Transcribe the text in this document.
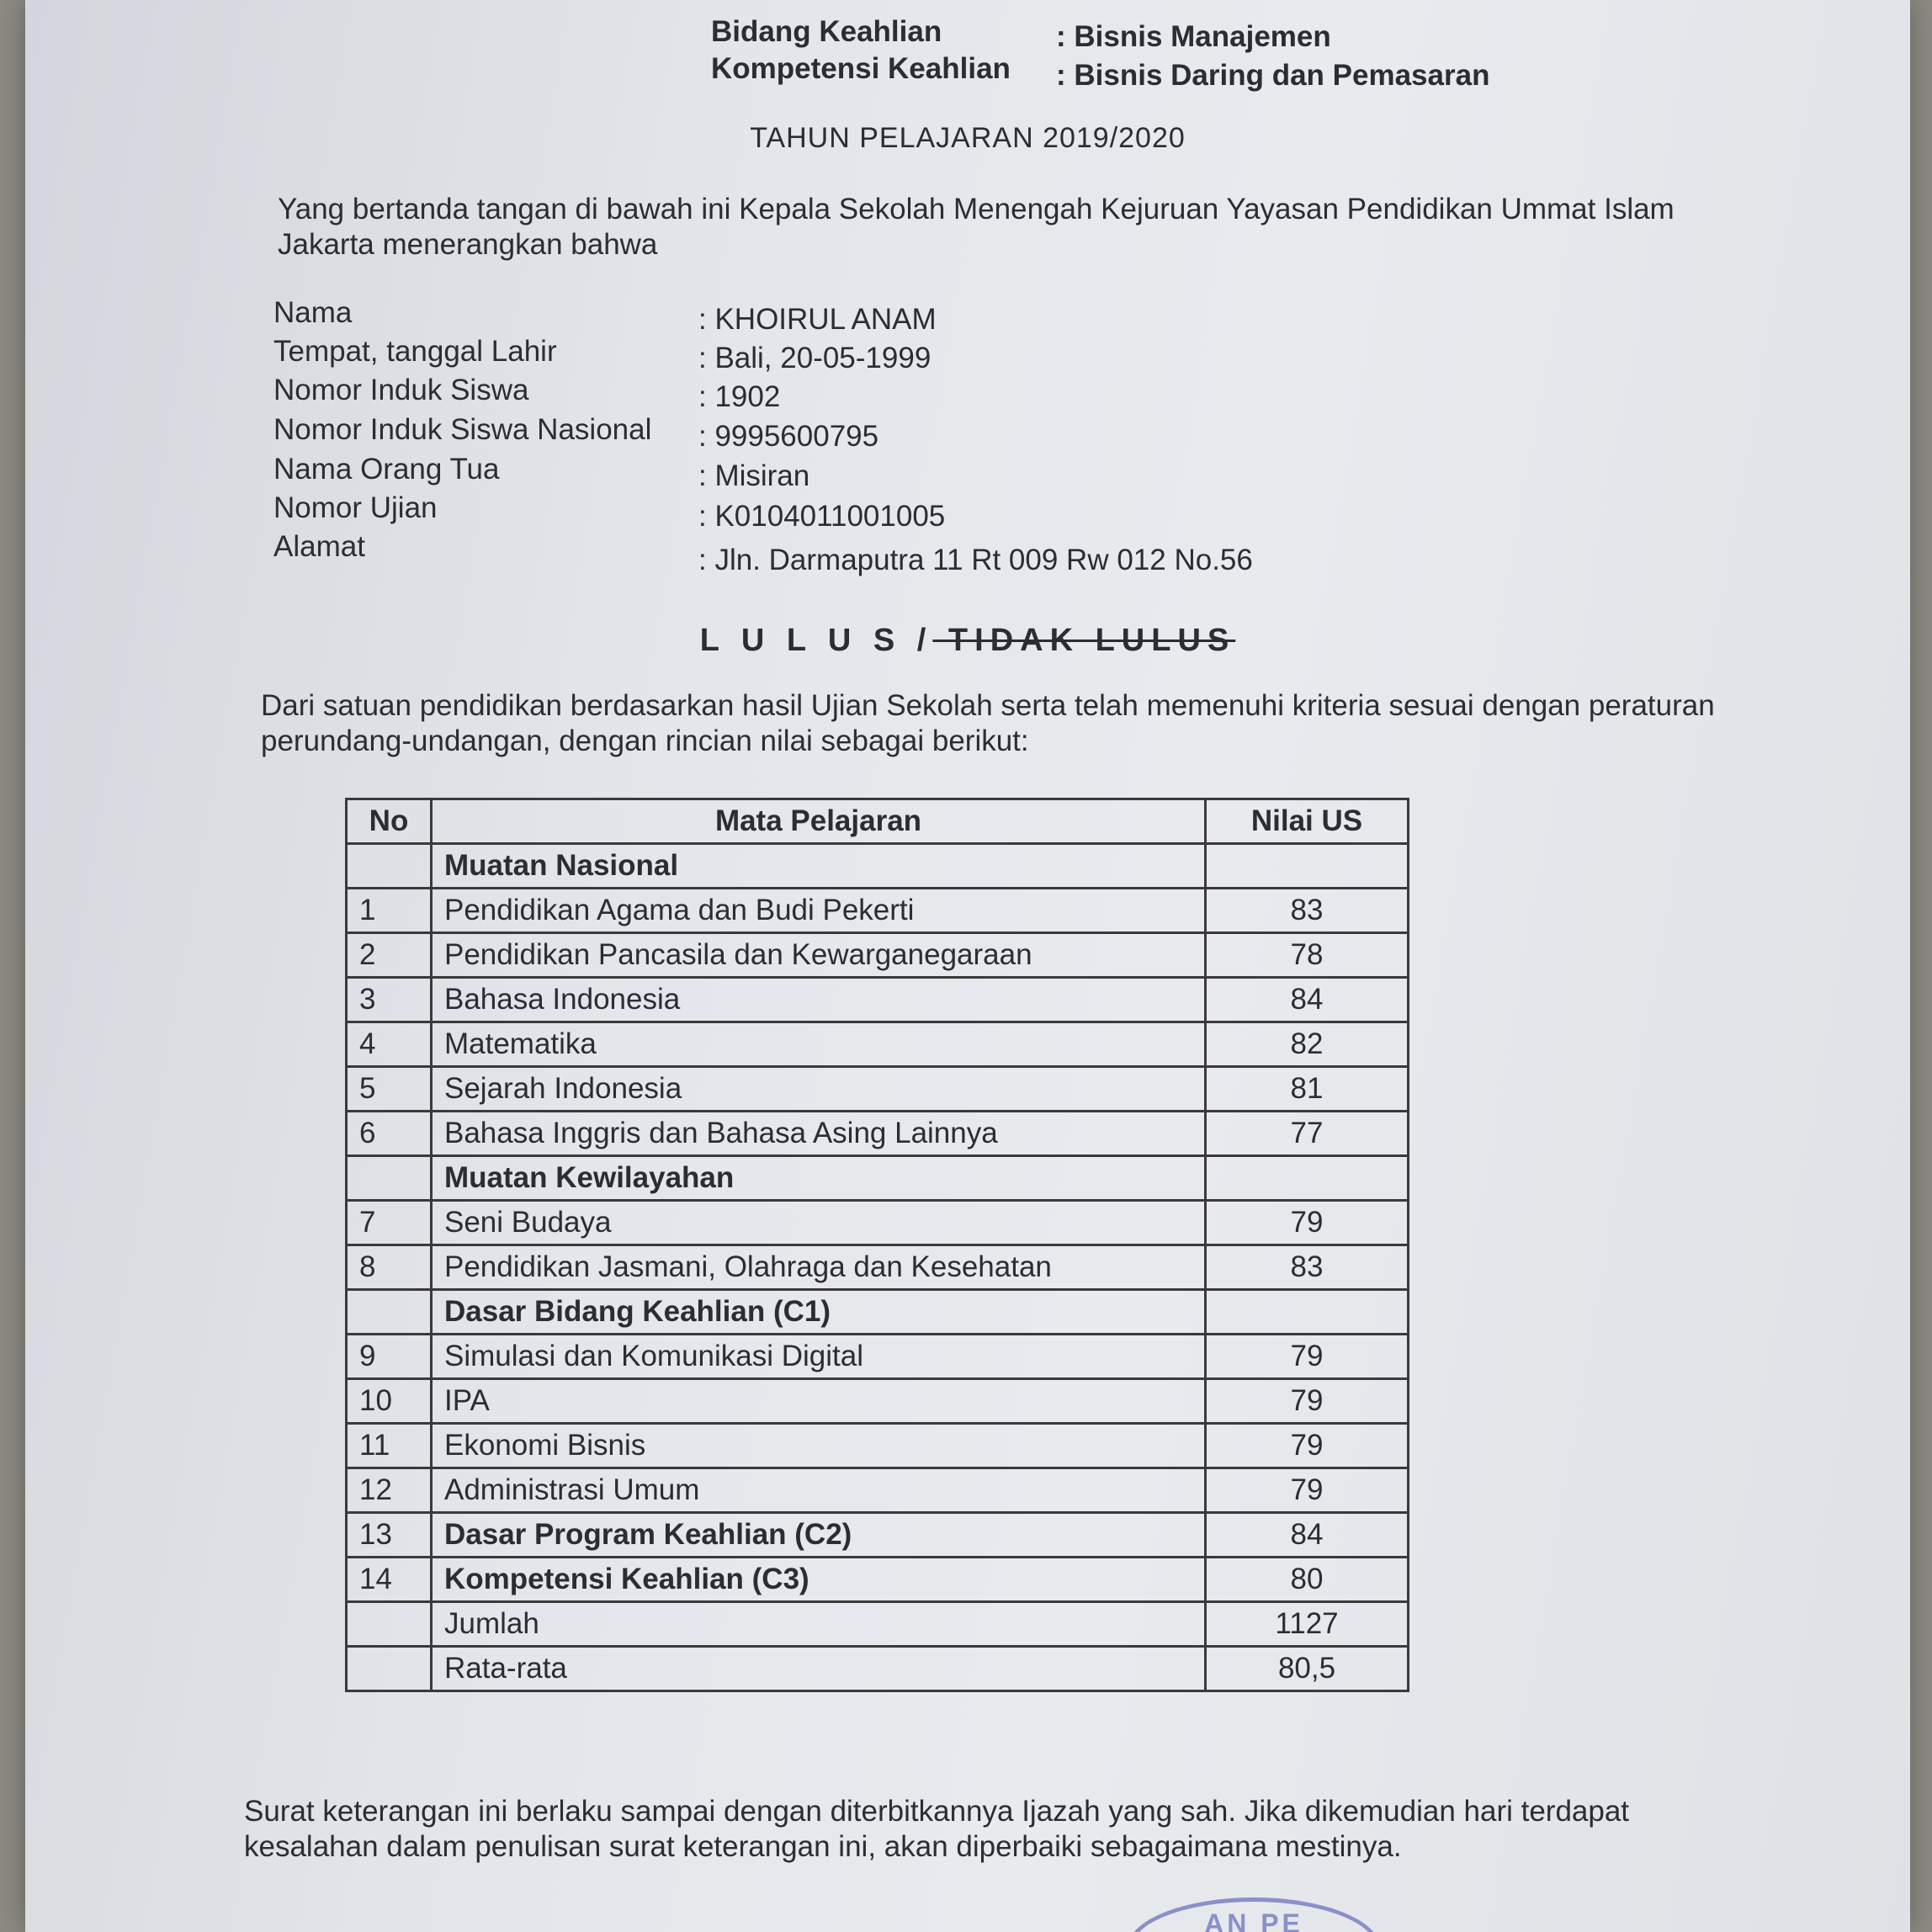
Bidang Keahlian	: Bisnis Manajemen
Kompetensi Keahlian : Bisnis Daring dan Pemasaran
TAHUN PELAJARAN 2019/2020
Yang bertanda tangan di bawah ini Kepala Sekolah Menengah Kejuruan Yayasan Pendidikan Ummat Islam Jakarta menerangkan bahwa
Nama	: KHOIRUL ANAM
Tempat, tanggal Lahir	: Bali, 20-05-1999
Nomor Induk Siswa	: 1902
Nomor Induk Siswa Nasional : 9995600795
Nama Orang Tua	: Misiran
Nomor Ujian	: K0104011001005
Alamat	: Jln. Darmaputra 11 Rt 009 Rw 012 No.56
L U L U S / TIDAK LULUS
Dari satuan pendidikan berdasarkan hasil Ujian Sekolah serta telah memenuhi kriteria sesuai dengan peraturan perundang-undangan, dengan rincian nilai sebagai berikut:
No	Mata Pelajaran	Nilai US
	Muatan Nasional	
1	Pendidikan Agama dan Budi Pekerti	83
2	Pendidikan Pancasila dan Kewarganegaraan	78
3	Bahasa Indonesia	84
4	Matematika	82
5	Sejarah Indonesia	81
6	Bahasa Inggris dan Bahasa Asing Lainnya	77
	Muatan Kewilayahan	
7	Seni Budaya	79
8	Pendidikan Jasmani, Olahraga dan Kesehatan	83
	Dasar Bidang Keahlian (C1)	
9	Simulasi dan Komunikasi Digital	79
10	IPA	79
11	Ekonomi Bisnis	79
12	Administrasi Umum	79
13	Dasar Program Keahlian (C2)	84
14	Kompetensi Keahlian (C3)	80
	Jumlah	1127
	Rata-rata	80,5
Surat keterangan ini berlaku sampai dengan diterbitkannya Ijazah yang sah. Jika dikemudian hari terdapat kesalahan dalam penulisan surat keterangan ini, akan diperbaiki sebagaimana mestinya.
AN PE
